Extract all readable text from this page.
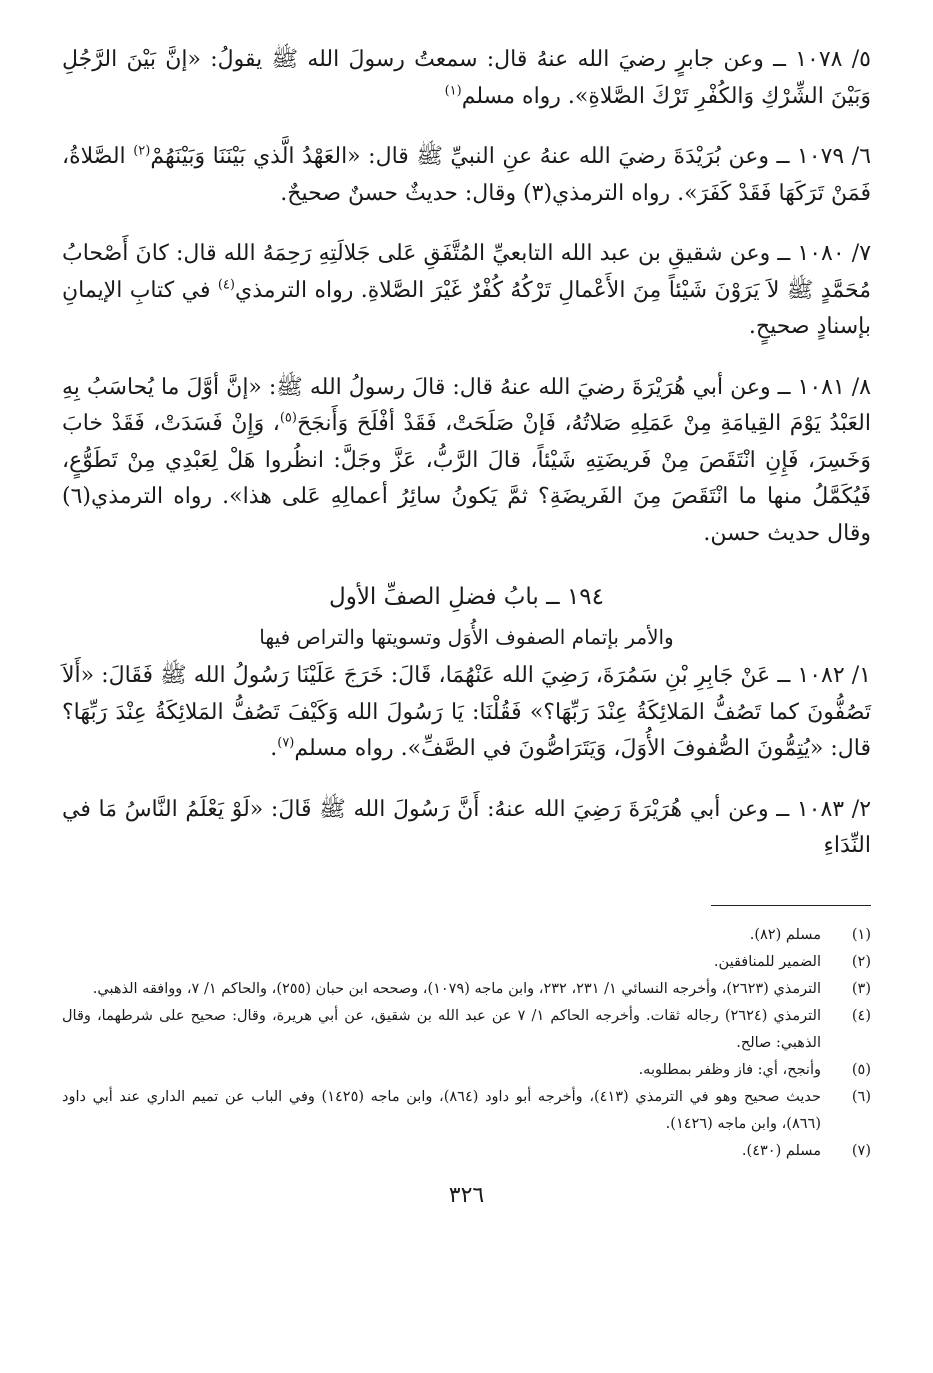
٥/ ١٠٧٨ ــ وعن جابرٍ رضيَ الله عنهُ قال: سمعتُ رسولَ الله ﷺ يقولُ: «إنَّ بَيْنَ الرَّجُلِ وَبَيْنَ الشِّرْكِ وَالكُفْرِ تَرْكَ الصَّلاةِ». رواه مسلم$^{(١)}$

٦/ ١٠٧٩ ــ وعن بُرَيْدَةَ رضيَ الله عنهُ عنِ النبيِّ ﷺ قال: «العَهْدُ الَّذي بَيْنَنَا وَبَيْنَهُمْ$^{(٢)}$ الصَّلاةُ، فَمَنْ تَرَكَهَا فَقَدْ كَفَرَ». رواه الترمذي(٣) وقال: حديثٌ حسنٌ صحيحٌ.

٧/ ١٠٨٠ ــ وعن شقيقِ بن عبد الله التابعيِّ المُتَّفَقِ عَلى جَلالَتِهِ رَحِمَهُ الله قال: كانَ أَصْحابُ مُحَمَّدٍ ﷺ لاَ يَرَوْنَ شَيْئاً مِنَ الأَعْمالِ تَرْكُهُ كُفْرٌ غَيْرَ الصَّلاةِ. رواه الترمذي$^{(٤)}$ في كتابِ الإيمانِ بإسنادٍ صحيحٍ.

٨/ ١٠٨١ ــ وعن أبي هُرَيْرَةَ رضيَ الله عنهُ قال: قالَ رسولُ الله ﷺ: «إنَّ أوَّلَ ما يُحاسَبُ بِهِ العَبْدُ يَوْمَ القِيامَةِ مِنْ عَمَلِهِ صَلاتُهُ، فَإنْ صَلَحَتْ، فَقَدْ أفْلَحَ وَأَنجَحَ$^{(٥)}$، وَإِنْ فَسَدَتْ، فَقَدْ خابَ وَخَسِرَ، فَإِنِ انْتَقَصَ مِنْ فَريضَتِهِ شَيْئاً، قالَ الرَّبُّ، عَزَّ وجَلَّ: انظُروا هَلْ لِعَبْدِي مِنْ تَطَوُّعٍ، فَيُكَمَّلُ منها ما انْتَقَصَ مِنَ الفَريضَةِ؟ ثمَّ يَكونُ سائِرُ أعمالِهِ عَلى هذا». رواه الترمذي(٦) وقال حديث حسن.

١٩٤ ــ بابُ فضلِ الصفِّ الأول
والأمر بإتمام الصفوف الأُوَل وتسويتها والتراص فيها

١/ ١٠٨٢ ــ عَنْ جَابِرِ بْنِ سَمُرَةَ، رَضِيَ الله عَنْهُمَا، قَالَ: خَرَجَ عَلَيْنَا رَسُولُ الله ﷺ فَقَالَ: «أَلاَ تَصُفُّونَ كما تَصُفُّ المَلائِكَةُ عِنْدَ رَبِّهَا؟» فَقُلْنَا: يَا رَسُولَ الله وَكَيْفَ تَصُفُّ المَلائِكَةُ عِنْدَ رَبِّهَا؟ قال: «يُتِمُّونَ الصُّفوفَ الأُوَلَ، وَيَتَرَاصُّونَ في الصَّفِّ». رواه مسلم$^{(٧)}$.

٢/ ١٠٨٣ ــ وعن أبي هُرَيْرَةَ رَضِيَ الله عنهُ: أَنَّ رَسُولَ الله ﷺ قَالَ: «لَوْ يَعْلَمُ النَّاسُ مَا في النِّدَاءِ

(١)
مسلم (٨٢).
(٢)
الضمير للمنافقين.
(٣)
الترمذي (٢٦٢٣)، وأخرجه النسائي ١/ ٢٣١، ٢٣٢، وابن ماجه (١٠٧٩)، وصححه ابن حبان (٢٥٥)، والحاكم ١/ ٧، ووافقه الذهبي.
(٤)
الترمذي (٢٦٢٤) رجاله ثقات. وأخرجه الحاكم ١/ ٧ عن عبد الله بن شقيق، عن أبي هريرة، وقال: صحيح على شرطهما، وقال الذهبي: صالح.
(٥)
وأنجح، أي: فاز وظفر بمطلوبه.
(٦)
حديث صحيح وهو في الترمذي (٤١٣)، وأخرجه أبو داود (٨٦٤)، وابن ماجه (١٤٢٥) وفي الباب عن تميم الداري عند أبي داود (٨٦٦)، وابن ماجه (١٤٢٦).
(٧)
مسلم (٤٣٠).
٣٢٦
